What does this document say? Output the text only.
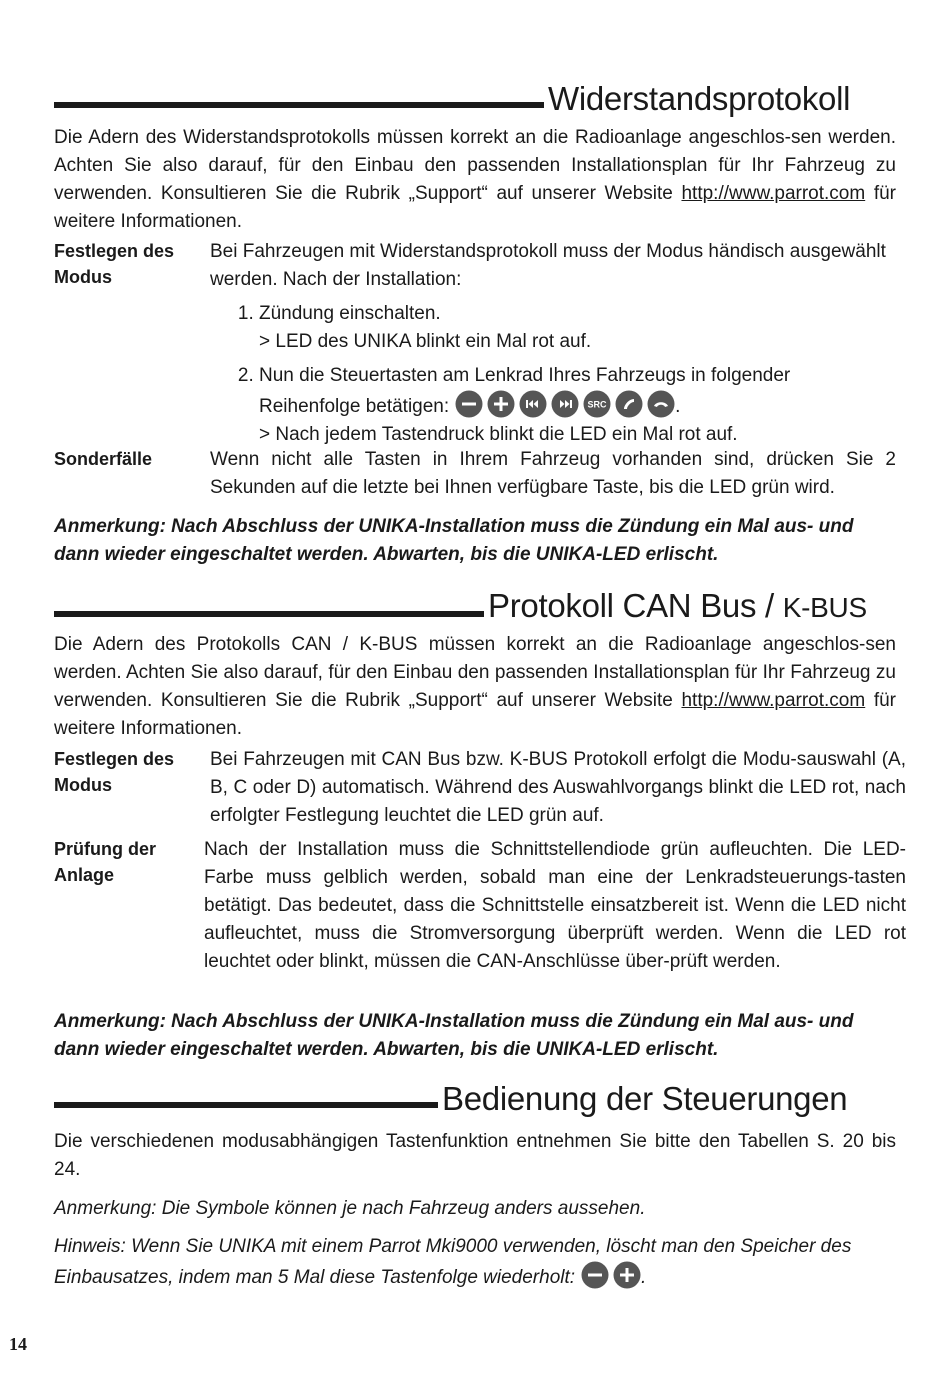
Widerstandsprotokoll

Die Adern des Widerstandsprotokolls müssen korrekt an die Radioanlage angeschlos-sen werden. Achten Sie also darauf, für den Einbau den passenden Installationsplan für Ihr Fahrzeug zu verwenden. Konsultieren Sie die Rubrik „Support“ auf unserer Website http://www.parrot.com für weitere Informationen.

Festlegen des Modus

Bei Fahrzeugen mit Widerstandsprotokoll muss der Modus händisch ausgewählt werden. Nach der Installation:

1. Zündung einschalten.
> LED des UNIKA blinkt ein Mal rot auf.
2. Nun die Steuertasten am Lenkrad Ihres Fahrzeugs in folgender Reihenfolge betätigen:	SRC	.
> Nach jedem Tastendruck blinkt die LED ein Mal rot auf.
Sonderfälle	Wenn nicht alle Tasten in Ihrem Fahrzeug vorhanden sind, drücken Sie 2 Sekunden auf die letzte bei Ihnen verfügbare Taste, bis die LED grün wird.

Anmerkung: Nach Abschluss der UNIKA-Installation muss die Zündung ein Mal aus- und dann wieder eingeschaltet werden. Abwarten, bis die UNIKA-LED erlischt.

Protokoll CAN Bus / K-BUS

Die Adern des Protokolls CAN / K-BUS müssen korrekt an die Radioanlage angeschlos-sen werden. Achten Sie also darauf, für den Einbau den passenden Installationsplan für Ihr Fahrzeug zu verwenden. Konsultieren Sie die Rubrik „Support“ auf unserer Website http://www.parrot.com für weitere Informationen.

Festlegen des Modus

Bei Fahrzeugen mit CAN Bus bzw. K-BUS Protokoll erfolgt die Modu-sauswahl (A, B, C oder D) automatisch. Während des Auswahlvorgangs blinkt die LED rot, nach erfolgter Festlegung leuchtet die LED grün auf.

Prüfung der Anlage

Nach der Installation muss die Schnittstellendiode grün aufleuchten. Die LED-Farbe muss gelblich werden, sobald man eine der Lenkradsteuerungs-tasten betätigt. Das bedeutet, dass die Schnittstelle einsatzbereit ist. Wenn die LED nicht aufleuchtet, muss die Stromversorgung überprüft werden. Wenn die LED rot leuchtet oder blinkt, müssen die CAN-Anschlüsse über-prüft werden.

Anmerkung: Nach Abschluss der UNIKA-Installation muss die Zündung ein Mal aus- und dann wieder eingeschaltet werden. Abwarten, bis die UNIKA-LED erlischt.

Bedienung der Steuerungen

Die verschiedenen modusabhängigen Tastenfunktion entnehmen Sie bitte den Tabellen S. 20 bis 24.

Anmerkung: Die Symbole können je nach Fahrzeug anders aussehen.

Hinweis: Wenn Sie UNIKA mit einem Parrot Mki9000 verwenden, löscht man den Speicher des Einbausatzes, indem man 5 Mal diese Tastenfolge wiederholt:	.

14
